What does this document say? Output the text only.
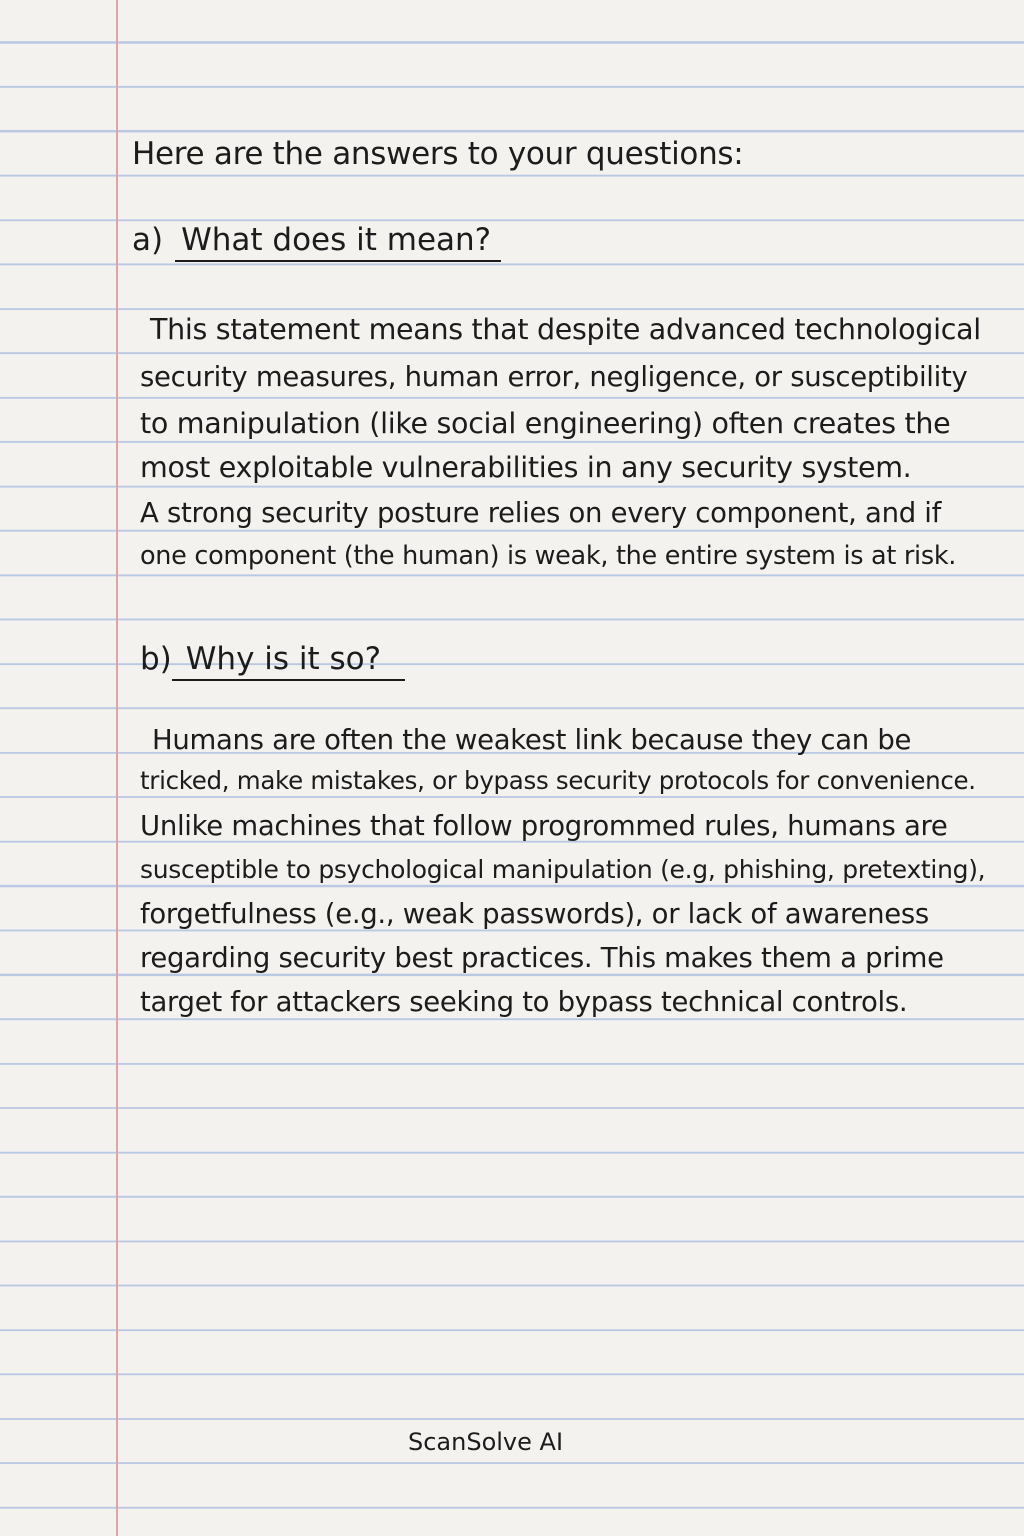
Here are the answers to your questions:
a) What does it mean?
This statement means that despite advanced technological
security measures, human error, negligence, or susceptibility
to manipulation (like social engineering) often creates the
most exploitable vulnerabilities in any security system.
A strong security posture relies on every component, and if
one component (the human) is weak, the entire system is at risk.
b) Why is it so?
Humans are often the weakest link because they can be
tricked, make mistakes, or bypass security protocols for convenience.
Unlike machines that follow progrommed rules, humans are
susceptible to psychological manipulation (e.g, phishing, pretexting),
forgetfulness (e.g., weak passwords), or lack of awareness
regarding security best practices. This makes them a prime
target for attackers seeking to bypass technical controls.
ScanSolve AI
